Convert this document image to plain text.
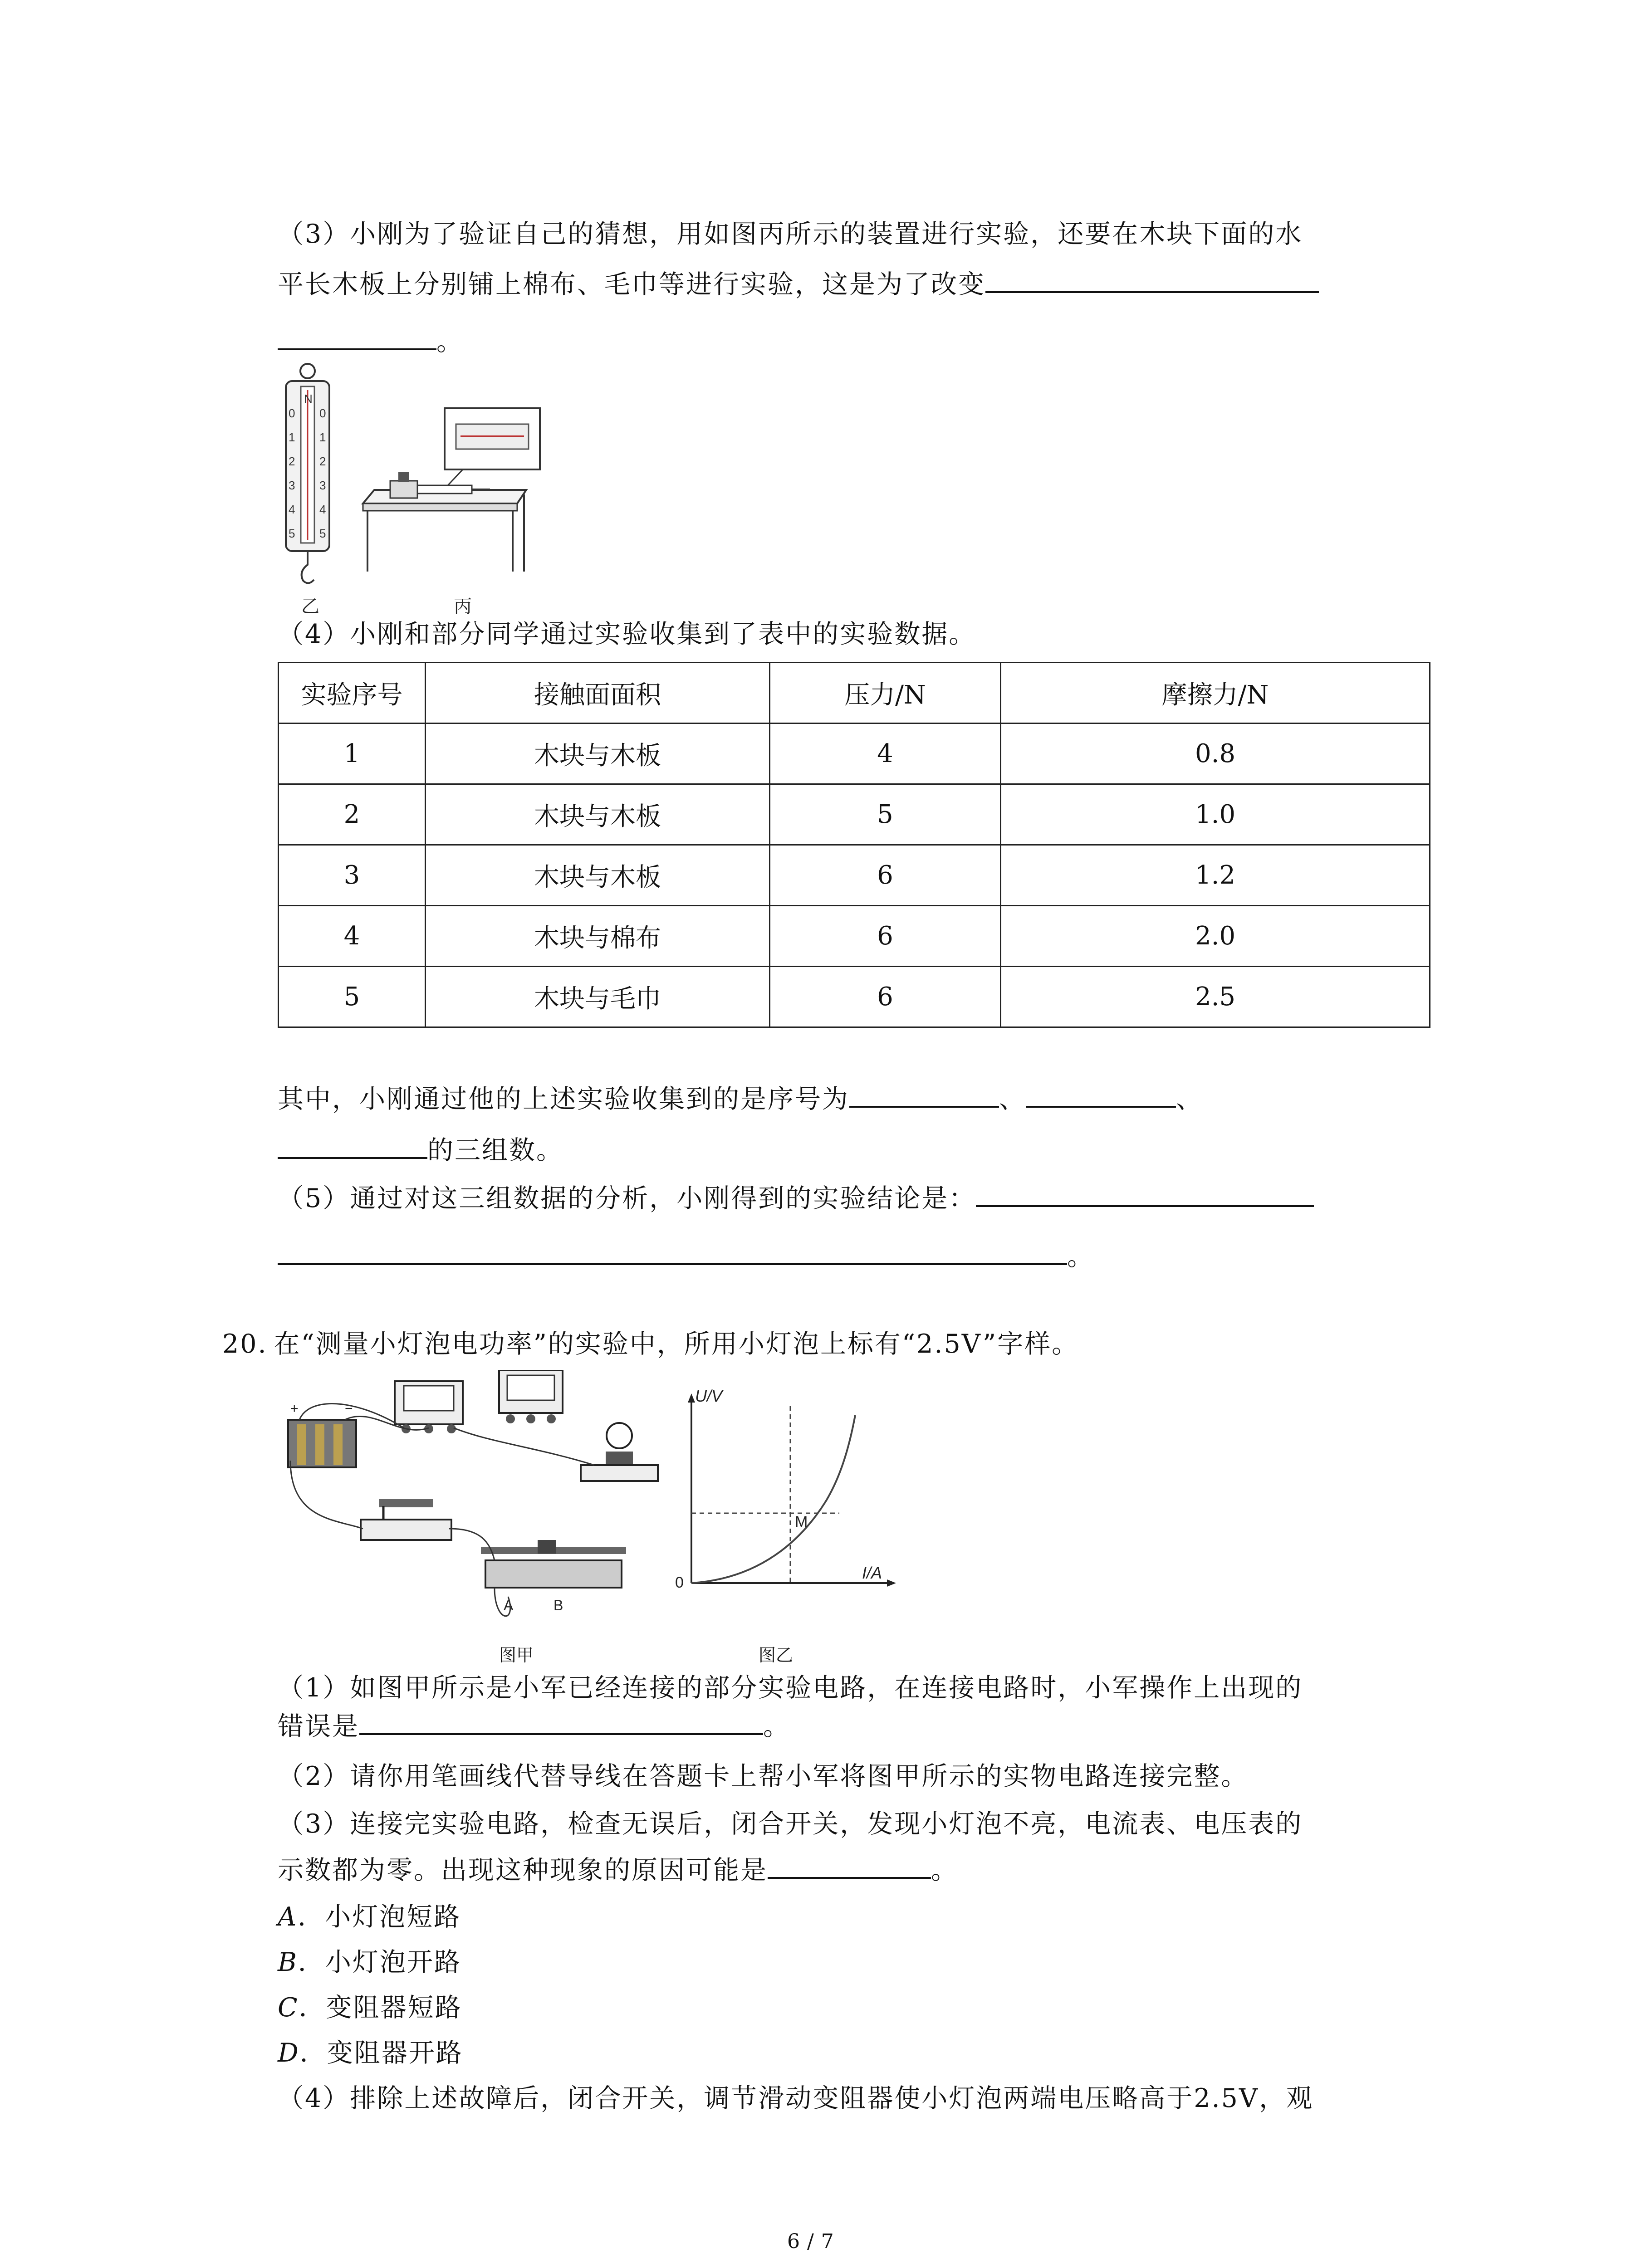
（3）小刚为了验证自己的猜想，用如图丙所示的装置进行实验，还要在木块下面的水
平长木板上分别铺上棉布、毛巾等进行实验，这是为了改变
。
N
0 0
1 1
2 2
3 3
4 4
5 5
乙	丙
（4）小刚和部分同学通过实验收集到了表中的实验数据。
实验序号	接触面面积	压力/N	摩擦力/N
1	木块与木板	4	0.8
2	木块与木板	5	1.0
3	木块与木板	6	1.2
4	木块与棉布	6	2.0
5	木块与毛巾	6	2.5
其中，小刚通过他的上述实验收集到的是序号为	、	、
的三组数。
（5）通过对这三组数据的分析，小刚得到的实验结论是：
。
20. 在“测量小灯泡电功率”的实验中，所用小灯泡上标有“2.5V”字样。
+	−
A	B
U/V
I/A
0
M
图甲	图乙
（1）如图甲所示是小军已经连接的部分实验电路，在连接电路时，小军操作上出现的
错误是	。
（2）请你用笔画线代替导线在答题卡上帮小军将图甲所示的实物电路连接完整。
（3）连接完实验电路，检查无误后，闭合开关，发现小灯泡不亮，电流表、电压表的
示数都为零。出现这种现象的原因可能是	。
A．小灯泡短路
B．小灯泡开路
C．变阻器短路
D．变阻器开路
（4）排除上述故障后，闭合开关，调节滑动变阻器使小灯泡两端电压略高于2.5V，观
6 / 7
